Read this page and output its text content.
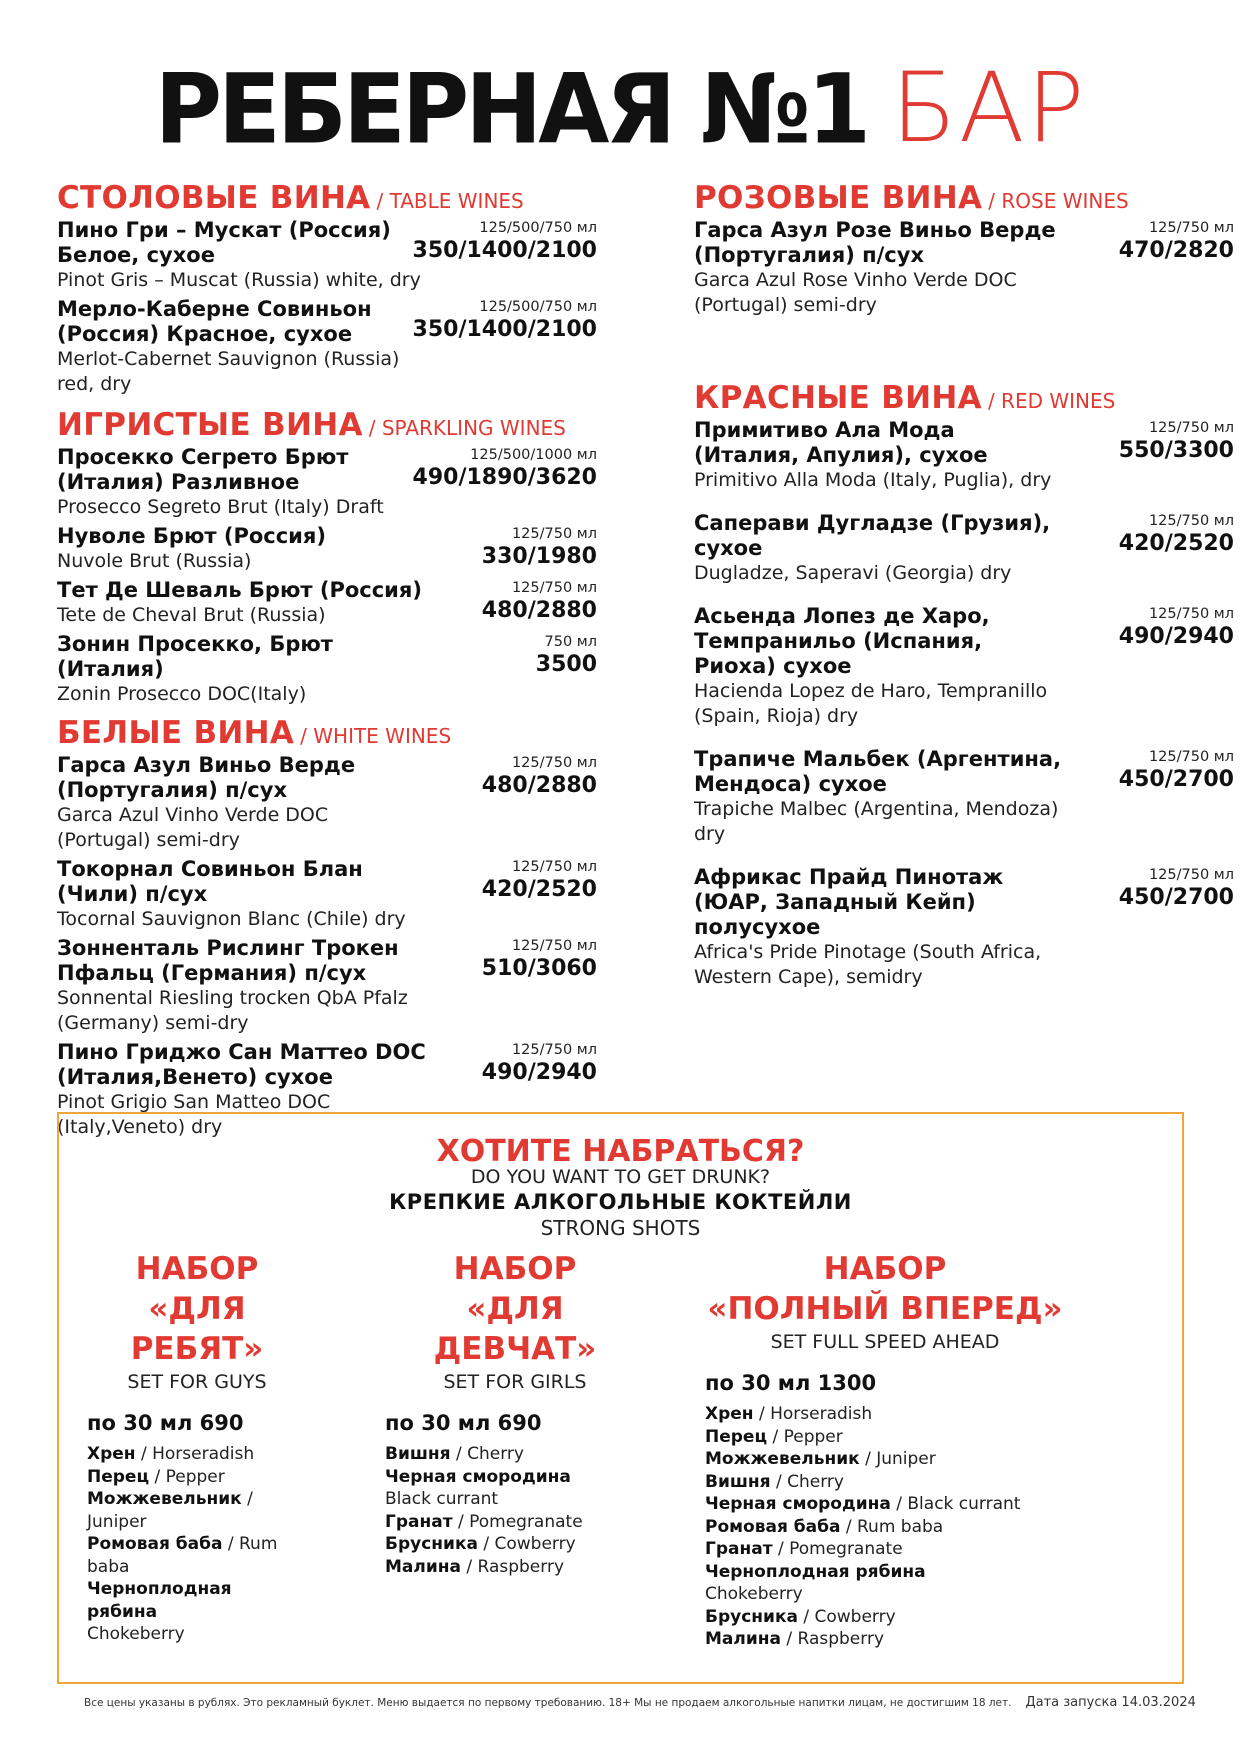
РЕБЕРНАЯ №1 БАР
СТОЛОВЫЕ ВИНА / TABLE WINES
Пино Гри – Мускат (Россия) Белое, сухое
Pinot Gris – Muscat (Russia) white, dry
125/500/750 мл
350/1400/2100
Мерло-Каберне Совиньон (Россия) Красное, сухое
Merlot-Cabernet Sauvignon (Russia) red, dry
125/500/750 мл
350/1400/2100
ИГРИСТЫЕ ВИНА / SPARKLING WINES
Просекко Сегрето Брют (Италия) Разливное
Prosecco Segreto Brut (Italy) Draft
125/500/1000 мл
490/1890/3620
Нуволе Брют (Россия)
Nuvole Brut (Russia)
125/750 мл
330/1980
Тет Де Шеваль Брют (Россия)
Tete de Cheval Brut (Russia)
125/750 мл
480/2880
Зонин Просекко, Брют (Италия)
Zonin Prosecco DOC(Italy)
750 мл
3500
БЕЛЫЕ ВИНА / WHITE WINES
Гарса Азул Виньо Верде (Португалия) п/сух
Garca Azul Vinho Verde DOC (Portugal) semi-dry
125/750 мл
480/2880
Токорнал Совиньон Блан (Чили) п/сух
Tocornal Sauvignon Blanc (Chile) dry
125/750 мл
420/2520
Зонненталь Рислинг Трокен Пфальц (Германия) п/сух
Sonnental Riesling trocken QbA Pfalz (Germany) semi-dry
125/750 мл
510/3060
Пино Гриджо Сан Маттео DOC (Италия,Венето) сухое
Pinot Grigio San Matteo DOC (Italy,Veneto) dry
125/750 мл
490/2940
РОЗОВЫЕ ВИНА / ROSE WINES
Гарса Азул Розе Виньо Верде (Португалия) п/сух
Garca Azul Rose Vinho Verde DOC (Portugal) semi-dry
125/750 мл
470/2820
КРАСНЫЕ ВИНА / RED WINES
Примитиво Ала Мода (Италия, Апулия), сухое
Primitivo Alla Moda (Italy, Puglia), dry
125/750 мл
550/3300
Саперави Дугладзе (Грузия), сухое
Dugladze, Saperavi (Georgia) dry
125/750 мл
420/2520
Асьенда Лопез де Харо, Темпранильо (Испания, Риоха) сухое
Hacienda Lopez de Haro, Tempranillo (Spain, Rioja) dry
125/750 мл
490/2940
Трапиче Мальбек (Аргентина, Мендоса) сухое
Trapiche Malbec (Argentina, Mendoza) dry
125/750 мл
450/2700
Африкас Прайд Пинотаж (ЮАР, Западный Кейп) полусухое
Africa's Pride Pinotage (South Africa, Western Cape), semidry
125/750 мл
450/2700
ХОТИТЕ НАБРАТЬСЯ?
DO YOU WANT TO GET DRUNK?
КРЕПКИЕ АЛКОГОЛЬНЫЕ КОКТЕЙЛИ
STRONG SHOTS
НАБОР
«ДЛЯ РЕБЯТ»
SET FOR GUYS
по 30 мл 690
Хрен / Horseradish
Перец / Pepper
Можжевельник / Juniper
Ромовая баба / Rum baba
Черноплодная рябина
Chokeberry
НАБОР
«ДЛЯ ДЕВЧАТ»
SET FOR GIRLS
по 30 мл 690
Вишня / Cherry
Черная смородина
Black currant
Гранат / Pomegranate
Брусника / Cowberry
Малина / Raspberry
НАБОР
«ПОЛНЫЙ ВПЕРЕД»
SET FULL SPEED AHEAD
по 30 мл 1300
Хрен / Horseradish
Перец / Pepper
Можжевельник / Juniper
Вишня / Cherry
Черная смородина / Black currant
Ромовая баба / Rum baba
Гранат / Pomegranate
Черноплодная рябина
Chokeberry
Брусника / Cowberry
Малина / Raspberry
Все цены указаны в рублях. Это рекламный буклет. Меню выдается по первому требованию. 18+ Мы не продаем алкогольные напитки лицам, не достигшим 18 лет. Дата запуска 14.03.2024
